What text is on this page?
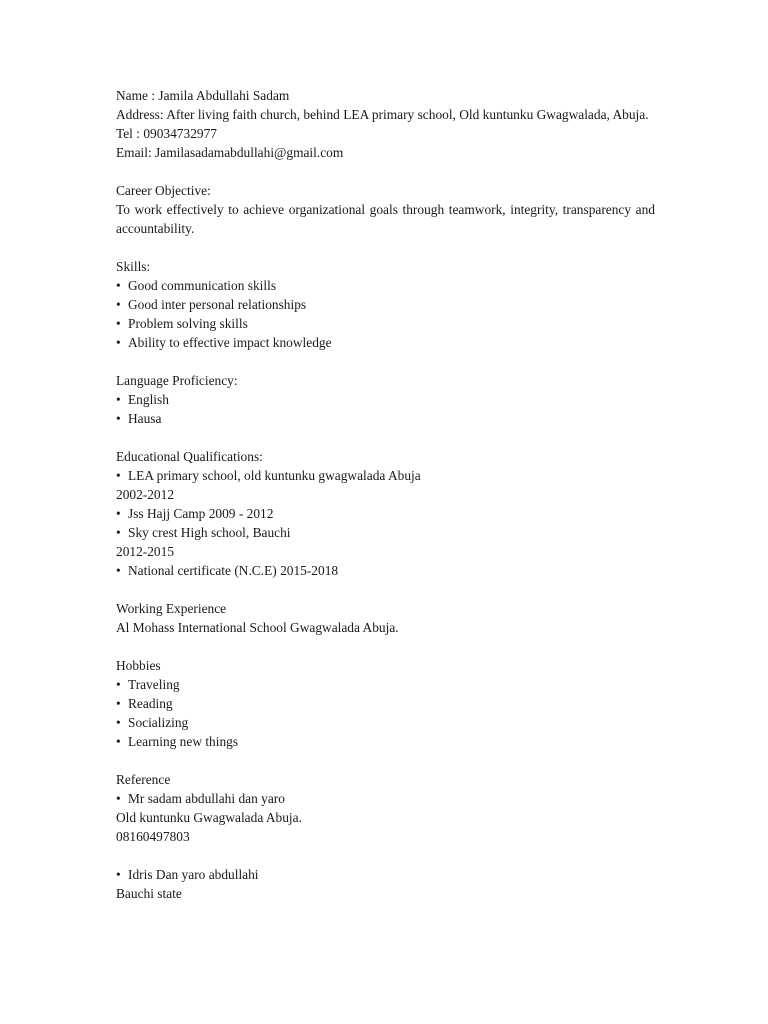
Name : Jamila Abdullahi Sadam
Address: After living faith church, behind LEA primary school, Old kuntunku Gwagwalada, Abuja.
Tel : 09034732977
Email: Jamilasadamabdullahi@gmail.com
Career Objective:
To work effectively to achieve organizational goals through teamwork, integrity, transparency and accountability.
Skills:
• Good communication skills
• Good inter personal relationships
• Problem solving skills
• Ability to effective impact knowledge
Language Proficiency:
• English
• Hausa
Educational Qualifications:
• LEA primary school, old kuntunku gwagwalada Abuja
2002-2012
• Jss Hajj Camp 2009 - 2012
• Sky crest High school, Bauchi
2012-2015
• National certificate (N.C.E) 2015-2018
Working Experience
Al Mohass International School Gwagwalada Abuja.
Hobbies
• Traveling
• Reading
• Socializing
• Learning new things
Reference
• Mr sadam abdullahi dan yaro
Old kuntunku Gwagwalada Abuja.
08160497803
• Idris Dan yaro abdullahi
Bauchi state
